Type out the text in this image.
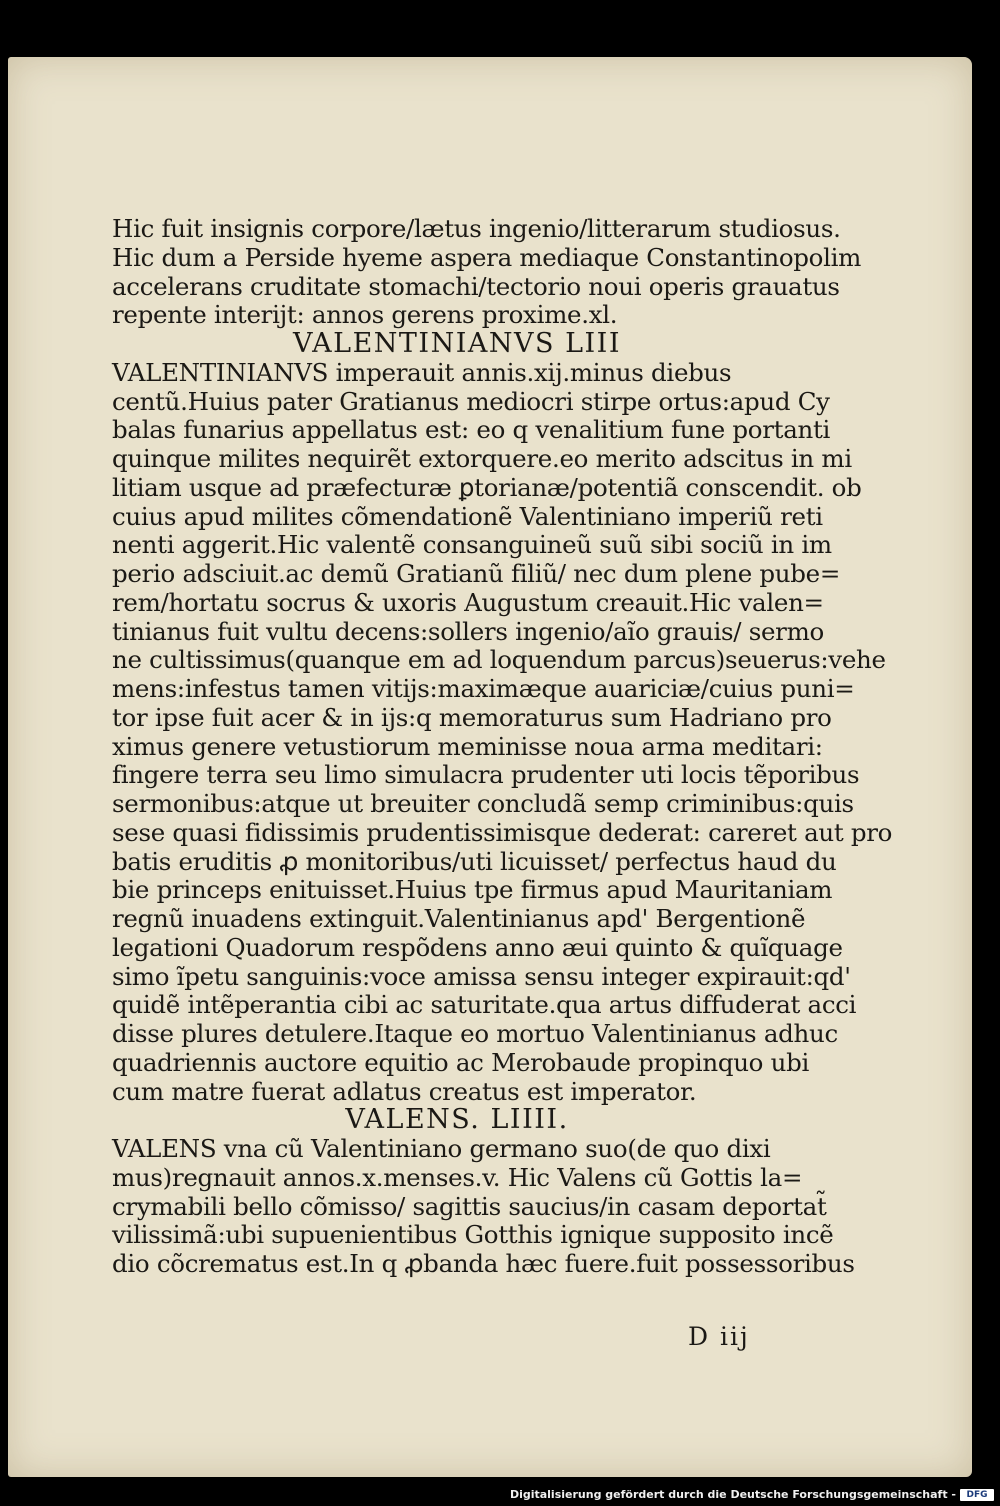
Hic fuit insignis corpore/lætus ingenio/litterarum studiosus.
Hic dum a Perside hyeme aspera mediaque Constantinopolim
accelerans cruditate stomachi/tectorio noui operis grauatus
repente interijt: annos gerens proxime.xl.
VALENTINIANVS LIII
VALENTINIANVS imperauit annis.xij.minus diebus
centũ.Huius pater Gratianus mediocri stirpe ortus:apud Cy
balas funarius appellatus est: eo q venalitium fune portanti
quinque milites nequirẽt extorquere.eo merito adscitus in mi
litiam usque ad præfecturæ ꝑtorianæ/potentiã conscendit. ob
cuius apud milites cõmendationẽ Valentiniano imperiũ reti
nenti aggerit.Hic valentẽ consanguineũ suũ sibi sociũ in im
perio adsciuit.ac demũ Gratianũ filiũ/ nec dum plene pube=
rem/hortatu socrus & uxoris Augustum creauit.Hic valen=
tinianus fuit vultu decens:sollers ingenio/aĩo grauis/ sermo
ne cultissimus(quanque em ad loquendum parcus)seuerus:vehe
mens:infestus tamen vitijs:maximæque auariciæ/cuius puni=
tor ipse fuit acer & in ijs:q memoraturus sum Hadriano pro
ximus genere vetustiorum meminisse noua arma meditari:
fingere terra seu limo simulacra prudenter uti locis tẽporibus
sermonibus:atque ut breuiter concludã semp criminibus:quis
sese quasi fidissimis prudentissimisque dederat: careret aut pro
batis eruditis ꝓ monitoribus/uti licuisset/ perfectus haud du
bie princeps enituisset.Huius tpe firmus apud Mauritaniam
regnũ inuadens extinguit.Valentinianus apd' Bergentionẽ
legationi Quadorum respõdens anno æui quinto & quĩquage
simo ĩpetu sanguinis:voce amissa sensu integer expirauit:qd'
quidẽ intẽperantia cibi ac saturitate.qua artus diffuderat acci
disse plures detulere.Itaque eo mortuo Valentinianus adhuc
quadriennis auctore equitio ac Merobaude propinquo ubi
cum matre fuerat adlatus creatus est imperator.
VALENS. LIIII.
VALENS vna cũ Valentiniano germano suo(de quo dixi
mus)regnauit annos.x.menses.v. Hic Valens cũ Gottis la=
crymabili bello cõmisso/ sagittis saucius/in casam deportat̃
vilissimã:ubi supuenientibus Gotthis ignique supposito incẽ
dio cõcrematus est.In q ꝓbanda hæc fuere.fuit possessoribus
D iij
Digitalisierung gefördert durch die Deutsche Forschungsgemeinschaft -	DFG
